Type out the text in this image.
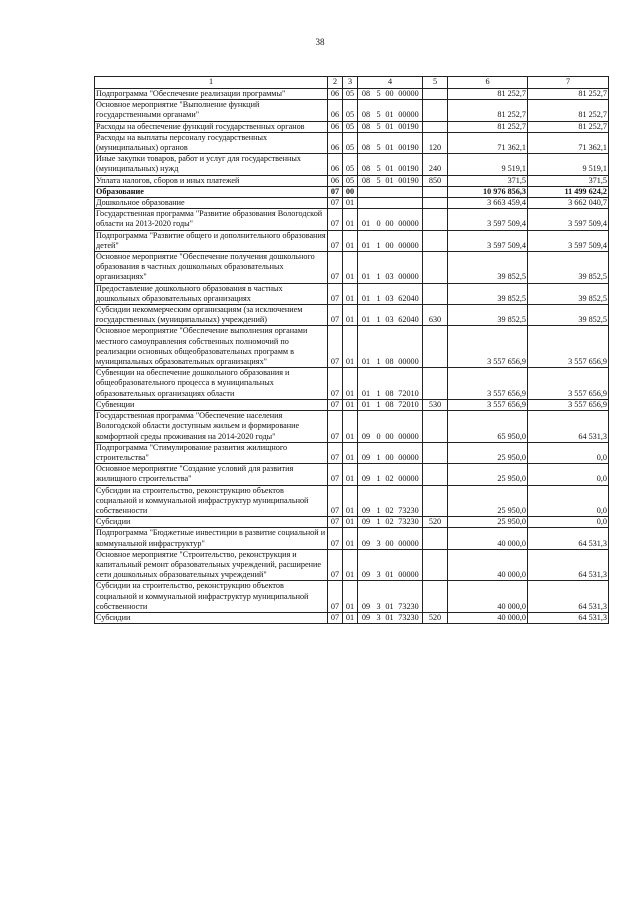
38
1	2	3	4	5	6	7
Подпрограмма "Обеспечение реализации программы"	06	05	08 5 00 00000		81 252,7	81 252,7
Основное мероприятие "Выполнение функций государственными органами"	06	05	08 5 01 00000		81 252,7	81 252,7
Расходы на обеспечение функций государственных органов	06	05	08 5 01 00190		81 252,7	81 252,7
Расходы на выплаты персоналу государственных (муниципальных) органов	06	05	08 5 01 00190	120	71 362,1	71 362,1
Иные закупки товаров, работ и услуг для государственных (муниципальных) нужд	06	05	08 5 01 00190	240	9 519,1	9 519,1
Уплата налогов, сборов и иных платежей	06	05	08 5 01 00190	850	371,5	371,5
Образование	07	00			10 976 856,3	11 499 624,2
Дошкольное образование	07	01			3 663 459,4	3 662 040,7
Государственная программа "Развитие образования Вологодской области на 2013-2020 годы"	07	01	01 0 00 00000		3 597 509,4	3 597 509,4
Подпрограмма "Развитие общего и дополнительного образования детей"	07	01	01 1 00 00000		3 597 509,4	3 597 509,4
Основное мероприятие "Обеспечение получения дошкольного образования в частных дошкольных образовательных организациях"	07	01	01 1 03 00000		39 852,5	39 852,5
Предоставление дошкольного образования в частных дошкольных образовательных организациях	07	01	01 1 03 62040		39 852,5	39 852,5
Субсидии некоммерческим организациям (за исключением государственных (муниципальных) учреждений)	07	01	01 1 03 62040	630	39 852,5	39 852,5
Основное мероприятие "Обеспечение выполнения органами местного самоуправления собственных полномочий по реализации основных общеобразовательных программ в муниципальных образовательных организациях"	07	01	01 1 08 00000		3 557 656,9	3 557 656,9
Субвенции на обеспечение дошкольного образования и общеобразовательного процесса в муниципальных образовательных организациях области	07	01	01 1 08 72010		3 557 656,9	3 557 656,9
Субвенции	07	01	01 1 08 72010	530	3 557 656,9	3 557 656,9
Государственная программа "Обеспечение населения Вологодской области доступным жильем и формирование комфортной среды проживания на 2014-2020 годы"	07	01	09 0 00 00000		65 950,0	64 531,3
Подпрограмма "Стимулирование развития жилищного строительства"	07	01	09 1 00 00000		25 950,0	0,0
Основное мероприятие "Создание условий для развития жилищного строительства"	07	01	09 1 02 00000		25 950,0	0,0
Субсидии на строительство, реконструкцию объектов социальной и коммунальной инфраструктур муниципальной собственности	07	01	09 1 02 73230		25 950,0	0,0
Субсидии	07	01	09 1 02 73230	520	25 950,0	0,0
Подпрограмма "Бюджетные инвестиции в развитие социальной и коммунальной инфраструктур"	07	01	09 3 00 00000		40 000,0	64 531,3
Основное мероприятие "Строительство, реконструкция и капитальный ремонт образовательных учреждений, расширение сети дошкольных образовательных учреждений"	07	01	09 3 01 00000		40 000,0	64 531,3
Субсидии на строительство, реконструкцию объектов социальной и коммунальной инфраструктур муниципальной собственности	07	01	09 3 01 73230		40 000,0	64 531,3
Субсидии	07	01	09 3 01 73230	520	40 000,0	64 531,3
